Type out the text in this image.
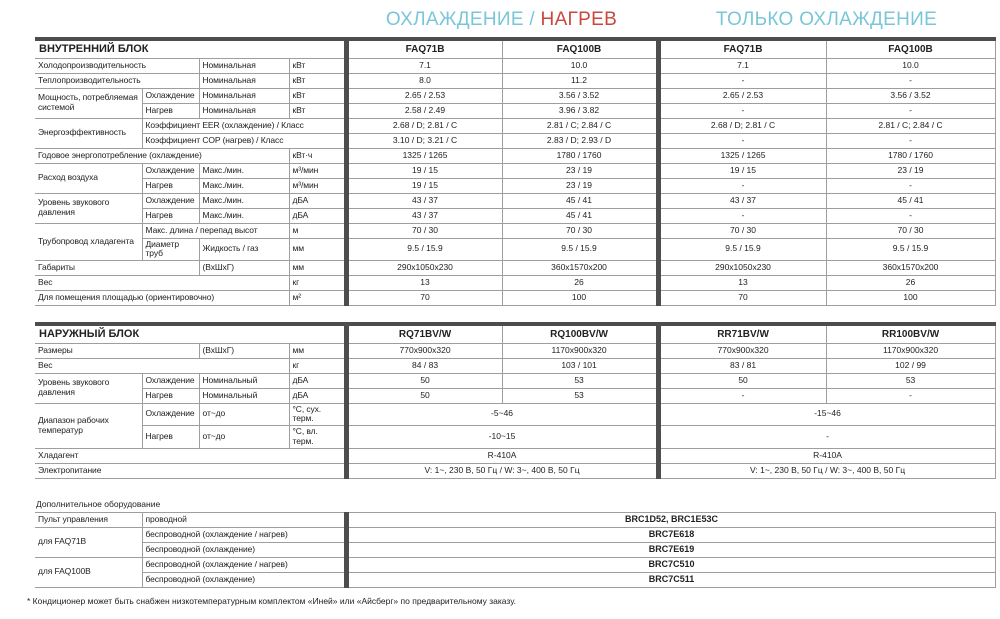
ОХЛАЖДЕНИЕ / НАГРЕВ	ТОЛЬКО ОХЛАЖДЕНИЕ
ВНУТРЕННИЙ БЛОК				FAQ71B	FAQ100B	FAQ71B	FAQ100B
Холодопроизводительность		Номинальная	кВт	7.1	10.0	7.1	10.0
Теплопроизводительность		Номинальная	кВт	8.0	11.2	-	-
Мощность, потребляемая системой	Охлаждение	Номинальная	кВт	2.65 / 2.53	3.56 / 3.52	2.65 / 2.53	3.56 / 3.52
	Нагрев	Номинальная	кВт	2.58 / 2.49	3.96 / 3.82	-	-
Энергоэффективность	Коэффициент EER (охлаждение) / Класс			2.68 / D; 2.81 / C	2.81 / C; 2.84 / C	2.68 / D; 2.81 / C	2.81 / C; 2.84 / C
	Коэффициент COP (нагрев) / Класс			3.10 / D; 3.21 / C	2.83 / D; 2.93 / D	-	-
Годовое энергопотребление (охлаждение)			кВт·ч	1325 / 1265	1780 / 1760	1325 / 1265	1780 / 1760
Расход воздуха	Охлаждение	Макс./мин.	м³/мин	19 / 15	23 / 19	19 / 15	23 / 19
	Нагрев	Макс./мин.	м³/мин	19 / 15	23 / 19	-	-
Уровень звукового давления	Охлаждение	Макс./мин.	дБА	43 / 37	45 / 41	43 / 37	45 / 41
	Нагрев	Макс./мин.	дБА	43 / 37	45 / 41	-	-
Трубопровод хладагента	Макс. длина / перепад высот		м	70 / 30	70 / 30	70 / 30	70 / 30
	Диаметр труб	Жидкость / газ	мм	9.5 / 15.9	9.5 / 15.9	9.5 / 15.9	9.5 / 15.9
Габариты		(ВхШхГ)	мм	290x1050x230	360x1570x200	290x1050x230	360x1570x200
Вес			кг	13	26	13	26
Для помещения площадью (ориентировочно)			м²	70	100	70	100
НАРУЖНЫЙ БЛОК				RQ71BV/W	RQ100BV/W	RR71BV/W	RR100BV/W
Размеры		(ВхШхГ)	мм	770x900x320	1170x900x320	770x900x320	1170x900x320
Вес			кг	84 / 83	103 / 101	83 / 81	102 / 99
Уровень звукового давления	Охлаждение	Номинальный	дБА	50	53	50	53
	Нагрев	Номинальный	дБА	50	53	-	-
Диапазон рабочих температур	Охлаждение	от~до	°С, сух. терм.	-5~46		-15~46	
	Нагрев	от~до	°С, вл. терм.	-10~15		-	
Хладагент				R-410A		R-410A	
Электропитание				V: 1~, 230 В, 50 Гц / W: 3~, 400 В, 50 Гц		V: 1~, 230 В, 50 Гц / W: 3~, 400 В, 50 Гц	
Дополнительное оборудование
Пульт управления	проводной	BRC1D52, BRC1E53C
для FAQ71B	беспроводной (охлаждение / нагрев)	BRC7E618
	беспроводной (охлаждение)	BRC7E619
для FAQ100B	беспроводной (охлаждение / нагрев)	BRC7C510
	беспроводной (охлаждение)	BRC7C511
* Кондиционер может быть снабжен низкотемпературным комплектом «Иней» или «Айсберг» по предварительному заказу.
